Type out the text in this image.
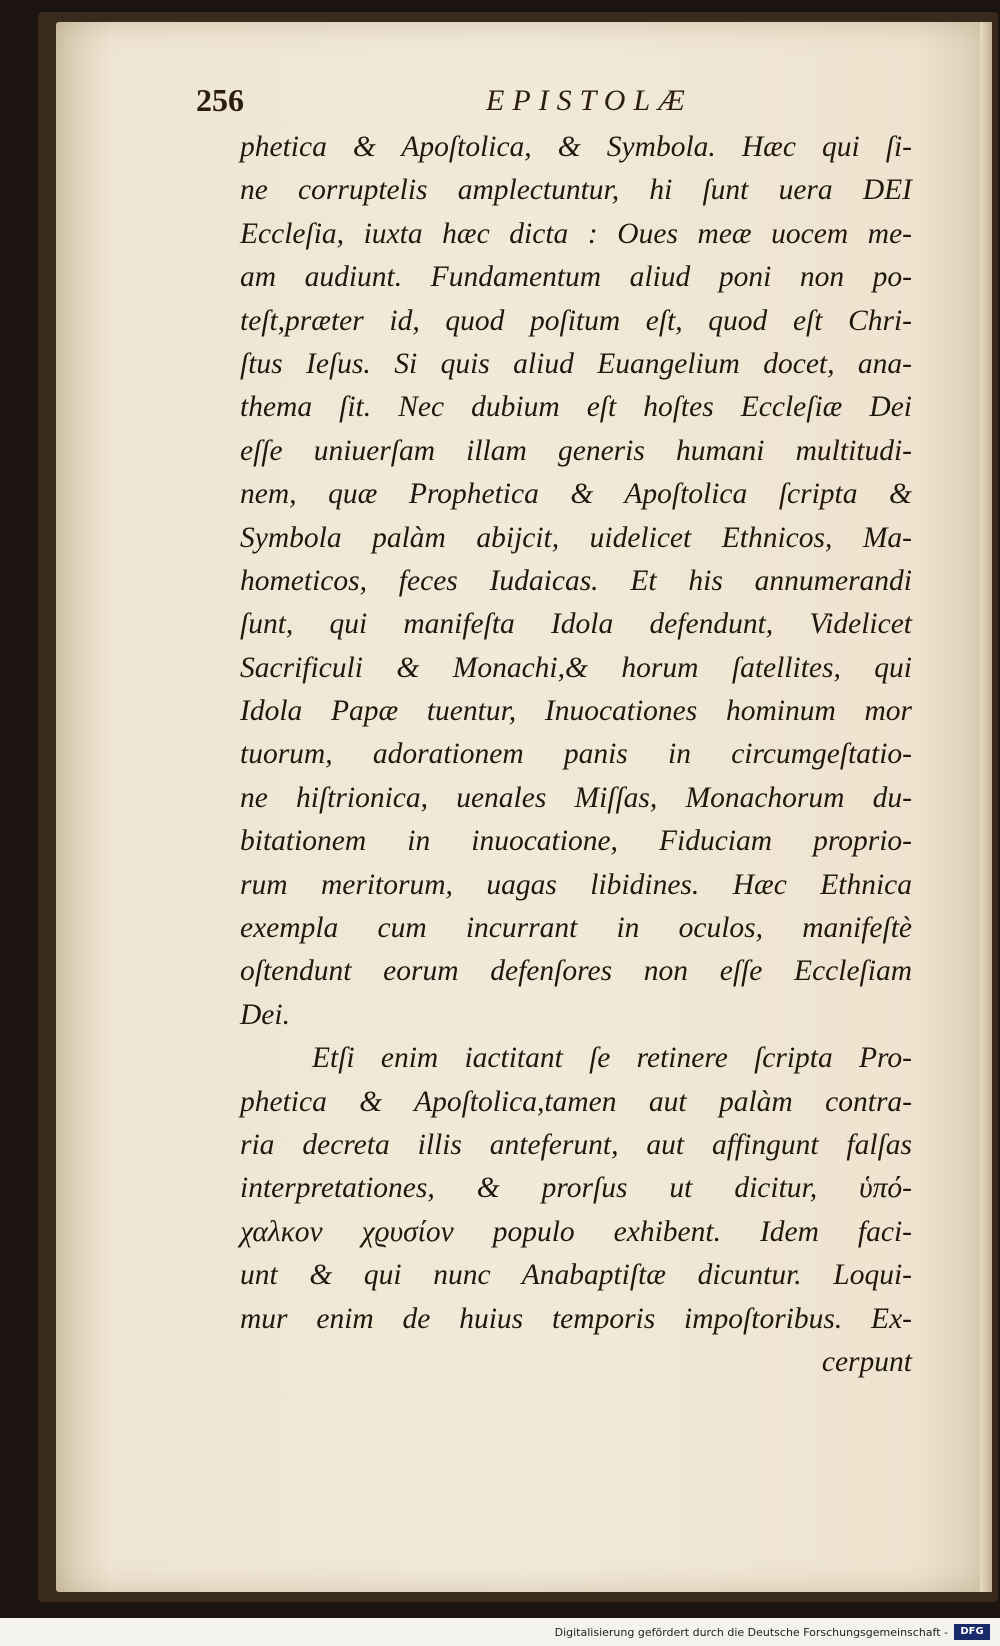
256	EPISTOLÆ
phetica & Apoſtolica, & Symbola. Hæc qui ſi-
ne corruptelis amplectuntur, hi ſunt uera DEI
Eccleſia, iuxta hæc dicta : Oues meæ uocem me-
am audiunt. Fundamentum aliud poni non po-
teſt,præter id, quod poſitum eſt, quod eſt Chri-
ſtus Ieſus. Si quis aliud Euangelium docet, ana-
thema ſit. Nec dubium eſt hoſtes Eccleſiæ Dei
eſſe uniuerſam illam generis humani multitudi-
nem, quæ Prophetica & Apoſtolica ſcripta &
Symbola palàm abijcit, uidelicet Ethnicos, Ma-
hometicos, feces Iudaicas. Et his annumerandi
ſunt, qui manifeſta Idola defendunt, Videlicet
Sacrificuli & Monachi,& horum ſatellites, qui
Idola Papæ tuentur, Inuocationes hominum mor
tuorum, adorationem panis in circumgeſtatio-
ne hiſtrionica, uenales Miſſas, Monachorum du-
bitationem in inuocatione, Fiduciam proprio-
rum meritorum, uagas libidines. Hæc Ethnica
exempla cum incurrant in oculos, manifeſtè
oſtendunt eorum defenſores non eſſe Eccleſiam
Dei.
Etſi enim iactitant ſe retinere ſcripta Pro-
phetica & Apoſtolica,tamen aut palàm contra-
ria decreta illis anteferunt, aut affingunt falſas
interpretationes, & prorſus ut dicitur, ὑπό-
χαλκον χϱυσίον populo exhibent. Idem faci-
unt & qui nunc Anabaptiſtæ dicuntur. Loqui-
mur enim de huius temporis impoſtoribus. Ex-
cerpunt
Digitalisierung gefördert durch die Deutsche Forschungsgemeinschaft -	DFG
